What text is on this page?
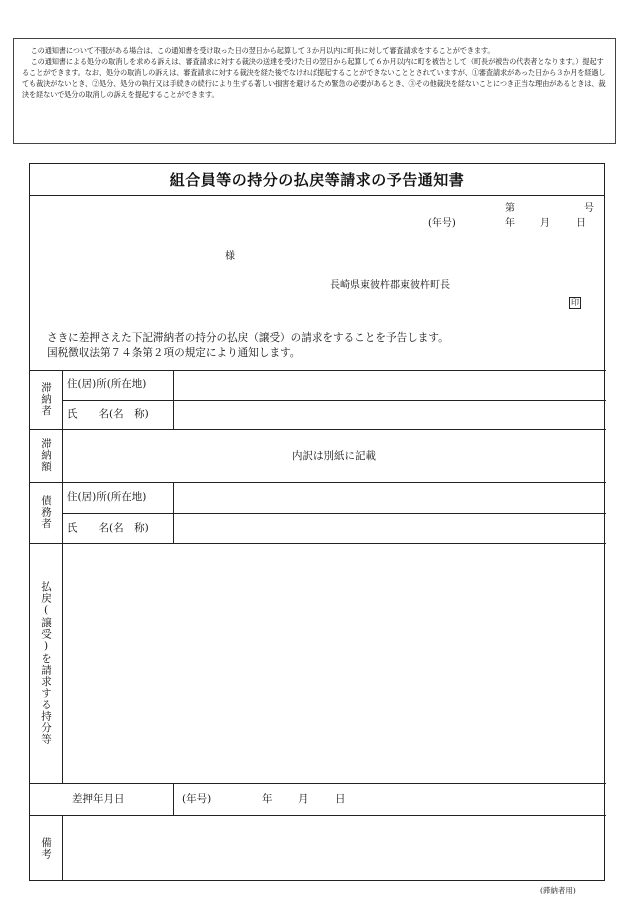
この通知書について不服がある場合は、この通知書を受け取った日の翌日から起算して３か月以内に町長に対して審査請求をすることができます。

この通知書による処分の取消しを求める訴えは、審査請求に対する裁決の送達を受けた日の翌日から起算して６か月以内に町を被告として（町長が被告の代表者となります。）提起することができます。なお、処分の取消しの訴えは、審査請求に対する裁決を経た後でなければ提起することができないこととされていますが、①審査請求があった日から３か月を経過しても裁決がないとき、②処分、処分の執行又は手続きの続行により生ずる著しい損害を避けるため緊急の必要があるとき、③その他裁決を経ないことにつき正当な理由があるときは、裁決を経ないで処分の取消しの訴えを提起することができます。

組合員等の持分の払戻等請求の予告通知書
第	号
(年号)	年	月	日
様
長崎県東彼杵郡東彼杵町長
印
さきに差押さえた下記滞納者の持分の払戻（譲受）の請求をすることを予告します。
国税徴収法第７４条第２項の規定により通知します。
滞納者 住(居)所(所在地)
氏　　名(名　称)
滞納額	内訳は別紙に記載
債務者 住(居)所(所在地)
氏　　名(名　称)
払戻(譲受)を請求する持分等
差押年月日	(年号)	年 月	日
備考
(滞納者用)
